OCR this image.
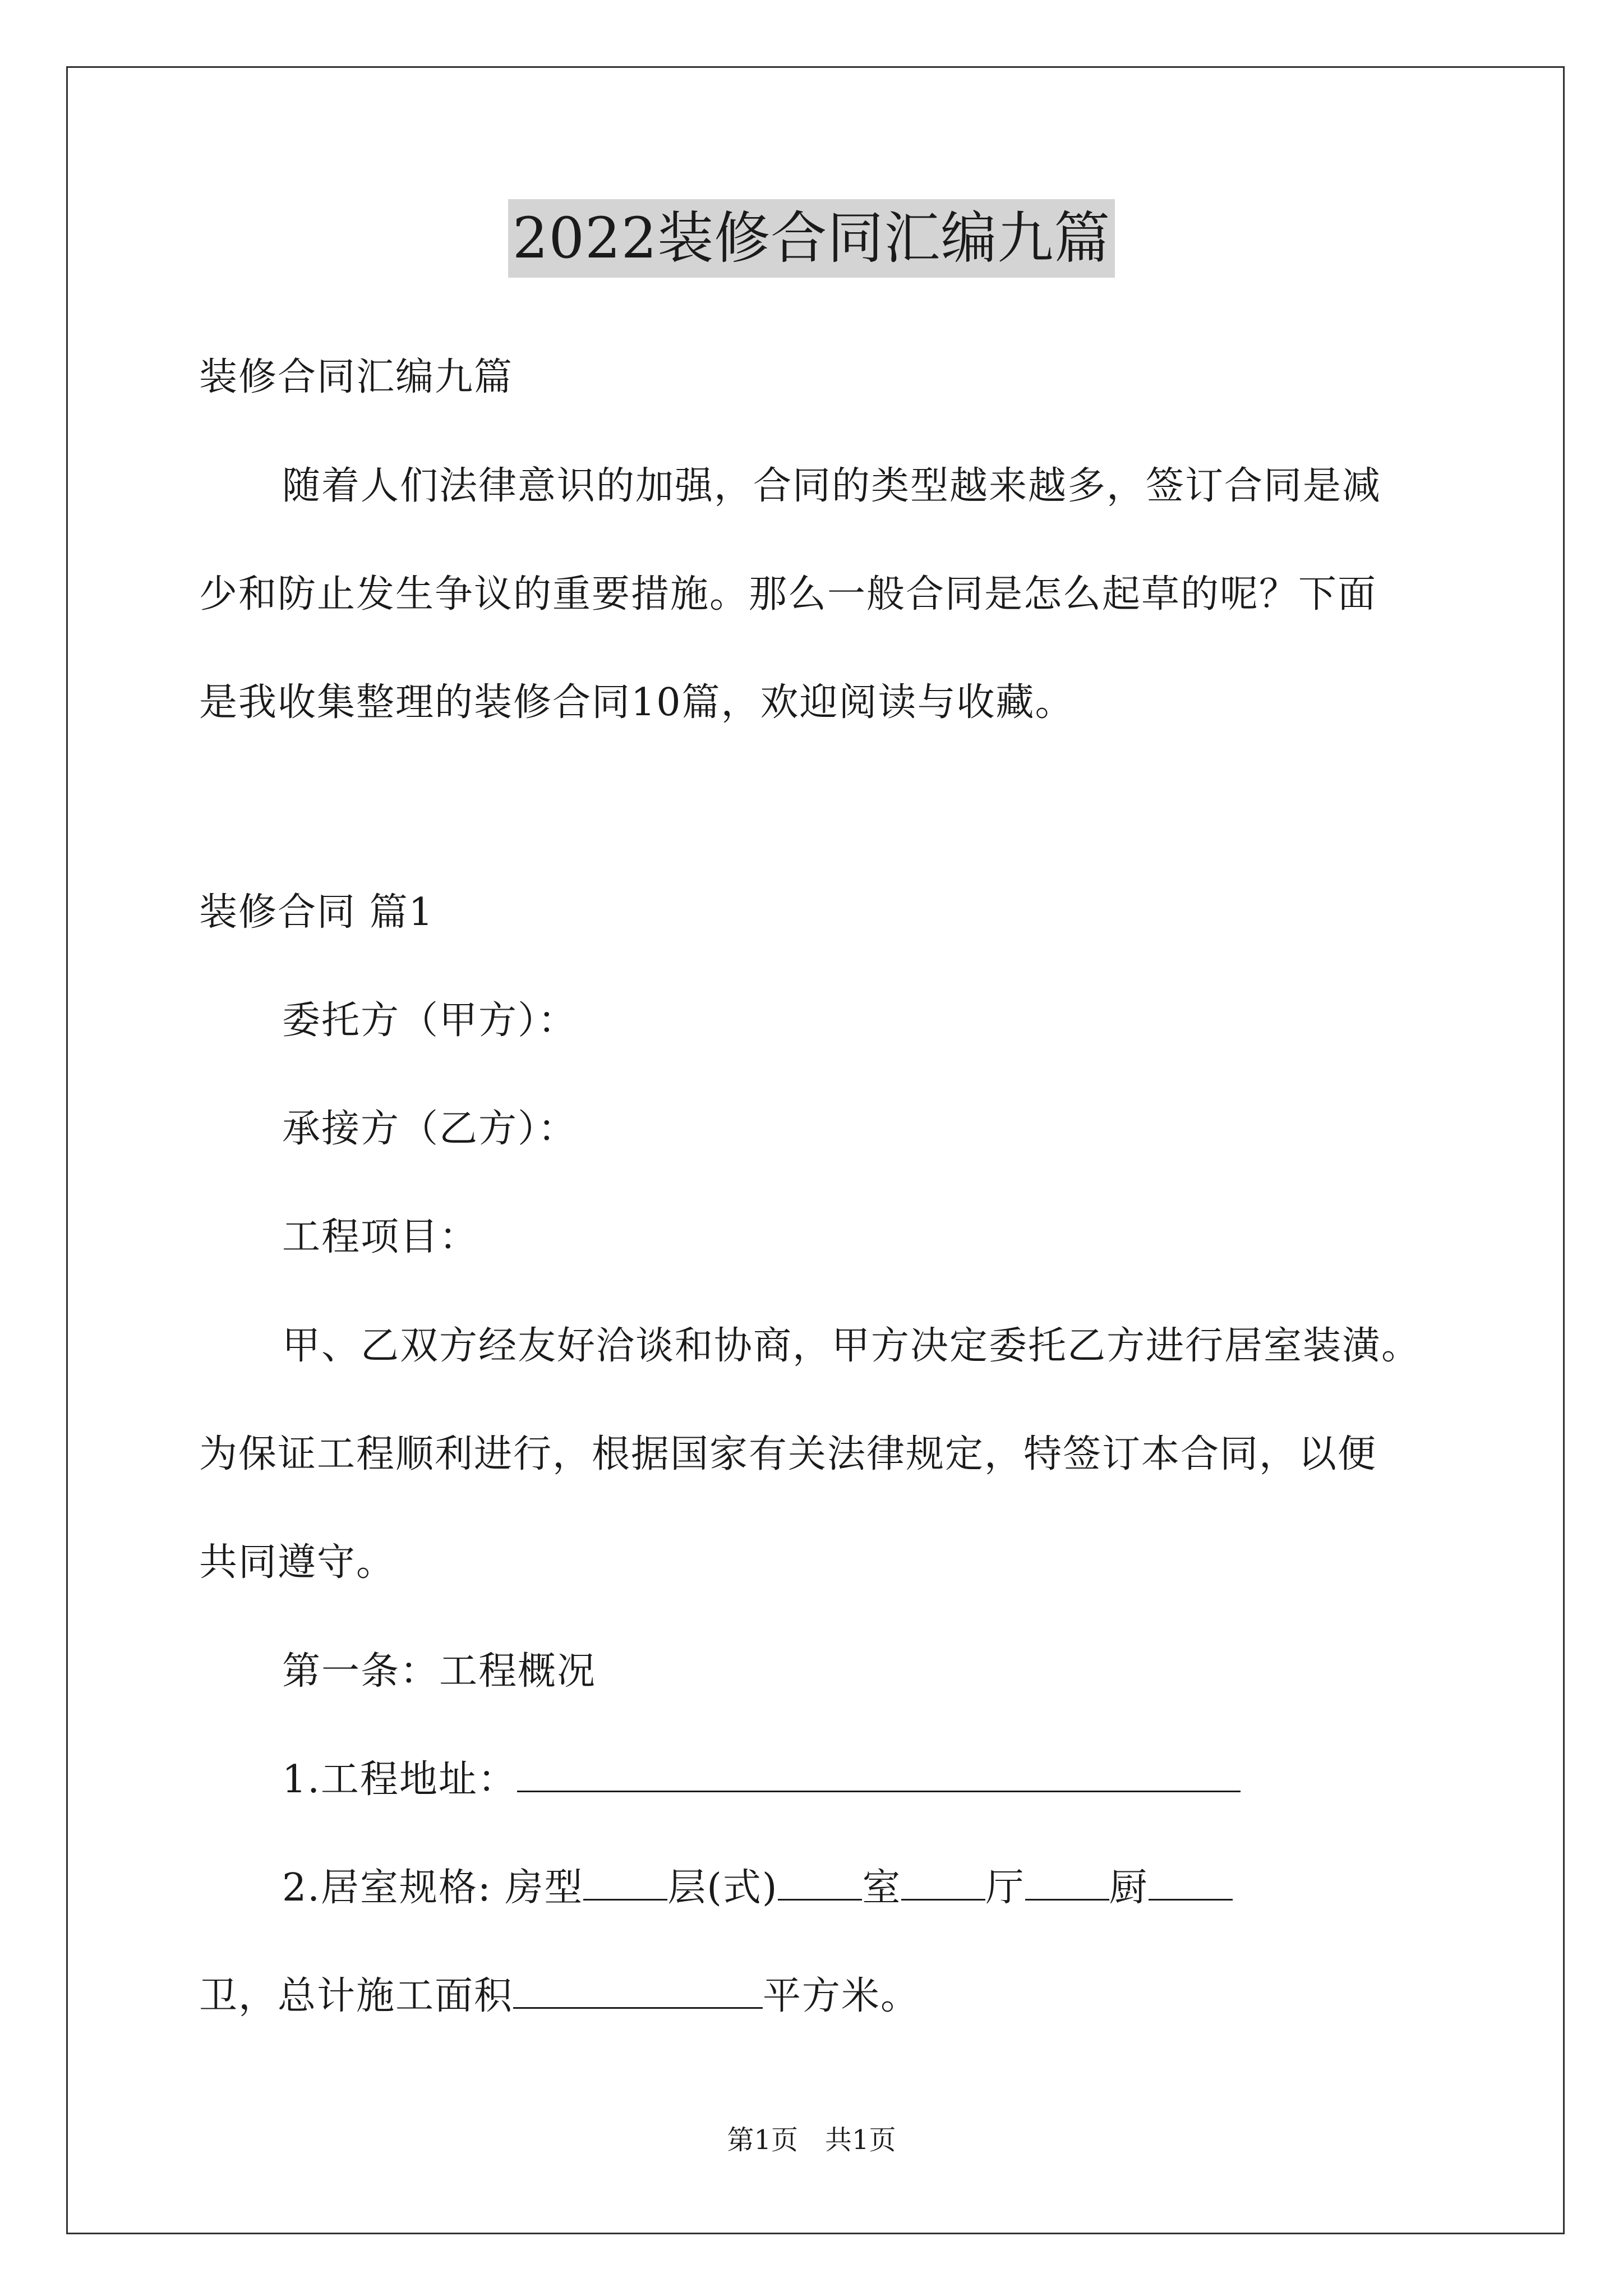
2022装修合同汇编九篇
装修合同汇编九篇
随着人们法律意识的加强，合同的类型越来越多，签订合同是减
少和防止发生争议的重要措施。那么一般合同是怎么起草的呢？下面
是我收集整理的装修合同10篇，欢迎阅读与收藏。
装修合同 篇1
委托方（甲方）：
承接方（乙方）：
工程项目：
甲、乙双方经友好洽谈和协商，甲方决定委托乙方进行居室装潢。
为保证工程顺利进行，根据国家有关法律规定，特签订本合同，以便
共同遵守。
第一条：工程概况
1.工程地址：
2.居室规格: 房型 层(式) 室 厅 厨
卫，总计施工面积	平方米。
第1页　共1页
